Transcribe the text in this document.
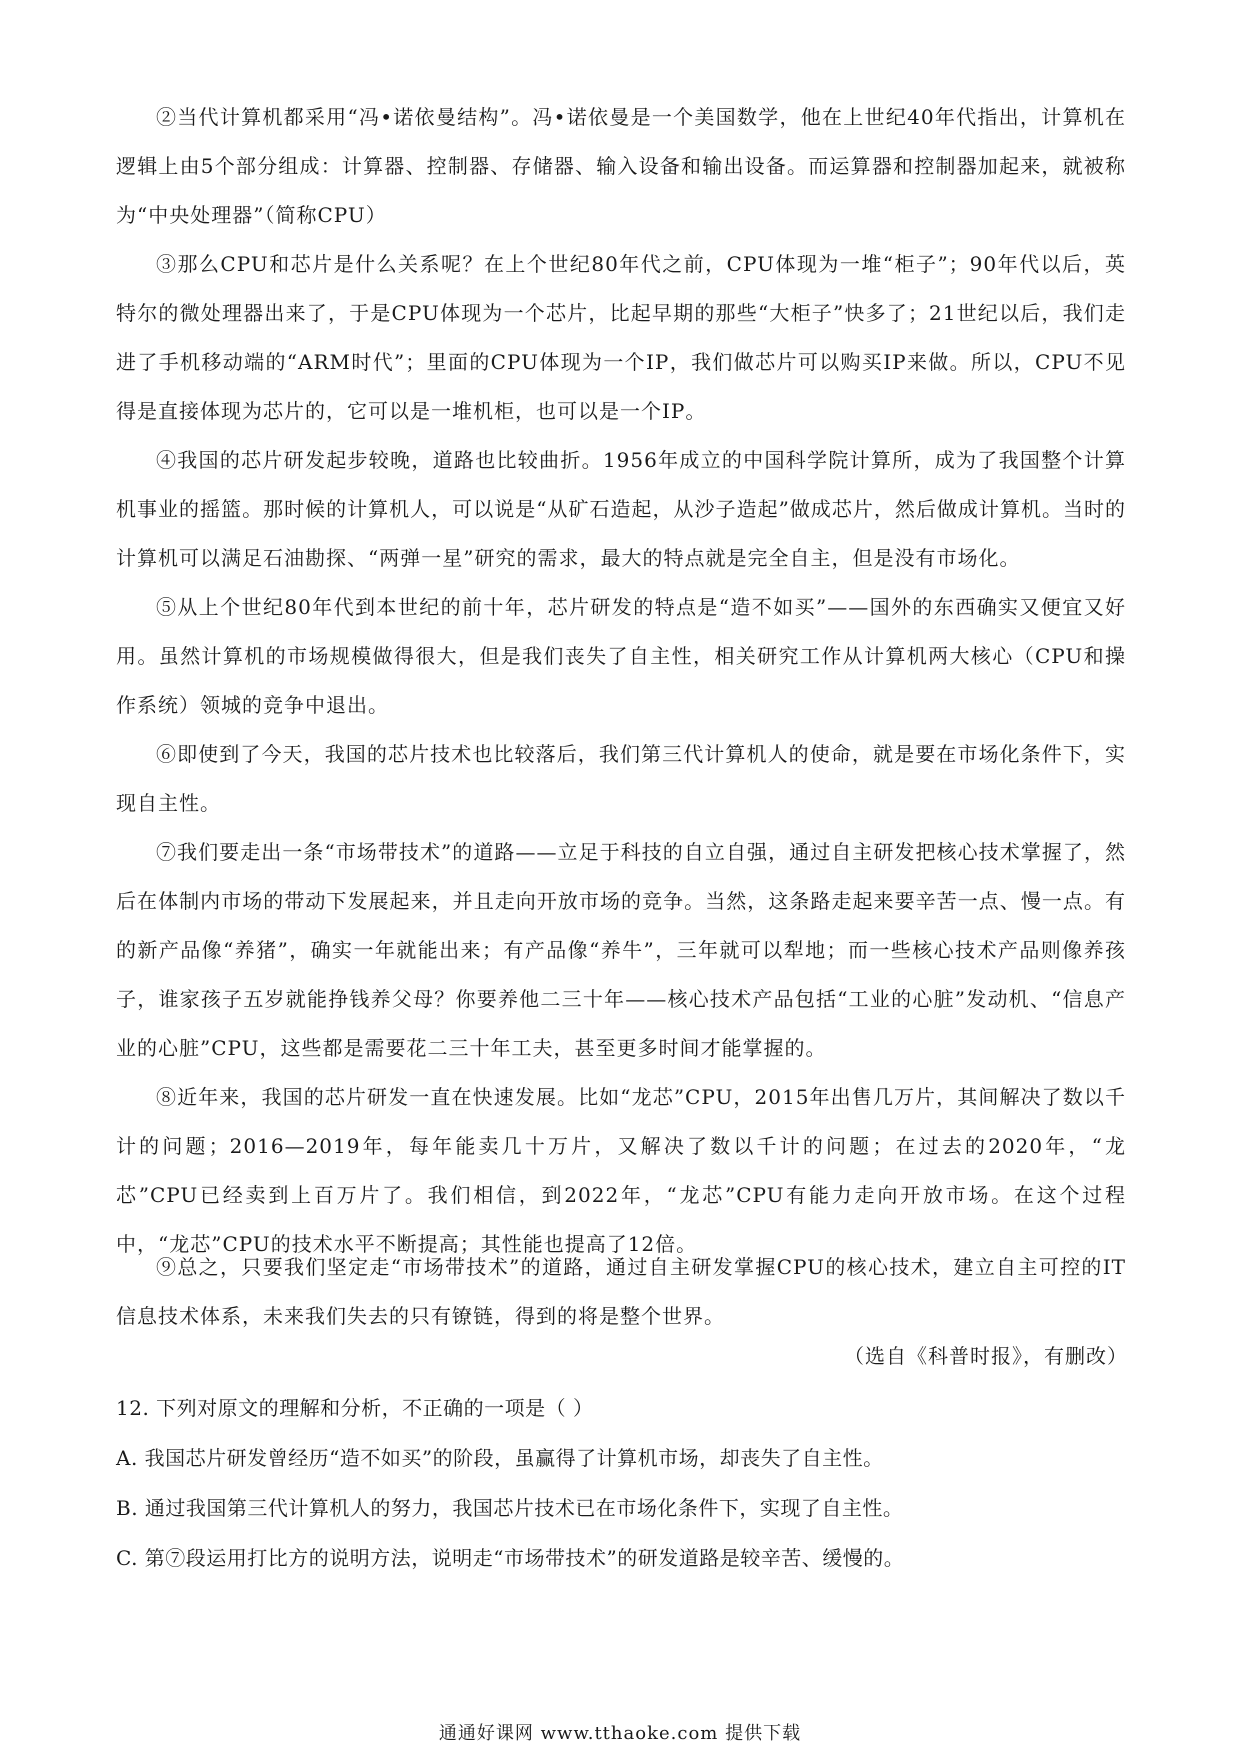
②当代计算机都采用“冯•诺依曼结构”。冯•诺依曼是一个美国数学，他在上世纪40年代指出，计算机在逻辑上由5个部分组成：计算器、控制器、存储器、输入设备和输出设备。而运算器和控制器加起来，就被称为“中央处理器”（简称CPU）

③那么CPU和芯片是什么关系呢？在上个世纪80年代之前，CPU体现为一堆“柜子”；90年代以后，英特尔的微处理器出来了，于是CPU体现为一个芯片，比起早期的那些“大柜子”快多了；21世纪以后，我们走进了手机移动端的“ARM时代”；里面的CPU体现为一个IP，我们做芯片可以购买IP来做。所以，CPU不见得是直接体现为芯片的，它可以是一堆机柜，也可以是一个IP。

④我国的芯片研发起步较晚，道路也比较曲折。1956年成立的中国科学院计算所，成为了我国整个计算机事业的摇篮。那时候的计算机人，可以说是“从矿石造起，从沙子造起”做成芯片，然后做成计算机。当时的计算机可以满足石油勘探、“两弹一星”研究的需求，最大的特点就是完全自主，但是没有市场化。

⑤从上个世纪80年代到本世纪的前十年，芯片研发的特点是“造不如买”——国外的东西确实又便宜又好用。虽然计算机的市场规模做得很大，但是我们丧失了自主性，相关研究工作从计算机两大核心（CPU和操作系统）领城的竞争中退出。

⑥即使到了今天，我国的芯片技术也比较落后，我们第三代计算机人的使命，就是要在市场化条件下，实现自主性。

⑦我们要走出一条“市场带技术”的道路——立足于科技的自立自强，通过自主研发把核心技术掌握了，然后在体制内市场的带动下发展起来，并且走向开放市场的竞争。当然，这条路走起来要辛苦一点、慢一点。有的新产品像“养猪”，确实一年就能出来；有产品像“养牛”，三年就可以犁地；而一些核心技术产品则像养孩子，谁家孩子五岁就能挣钱养父母？你要养他二三十年——核心技术产品包括“工业的心脏”发动机、“信息产业的心脏”CPU，这些都是需要花二三十年工夫，甚至更多时间才能掌握的。

⑧近年来，我国的芯片研发一直在快速发展。比如“龙芯”CPU，2015年出售几万片，其间解决了数以千计的问题；2016—2019年，每年能卖几十万片，又解决了数以千计的问题；在过去的2020年，“龙芯”CPU已经卖到上百万片了。我们相信，到2022年，“龙芯”CPU有能力走向开放市场。在这个过程中，“龙芯”CPU的技术水平不断提高；其性能也提高了12倍。

⑨总之，只要我们坚定走“市场带技术”的道路，通过自主研发掌握CPU的核心技术，建立自主可控的IT信息技术体系，未来我们失去的只有镣链，得到的将是整个世界。

（选自《科普时报》，有删改）
12. 下列对原文的理解和分析，不正确的一项是（ ）
A. 我国芯片研发曾经历“造不如买”的阶段，虽赢得了计算机市场，却丧失了自主性。
B. 通过我国第三代计算机人的努力，我国芯片技术已在市场化条件下，实现了自主性。
C. 第⑦段运用打比方的说明方法，说明走“市场带技术”的研发道路是较辛苦、缓慢的。
通通好课网 www.tthaoke.com 提供下载
